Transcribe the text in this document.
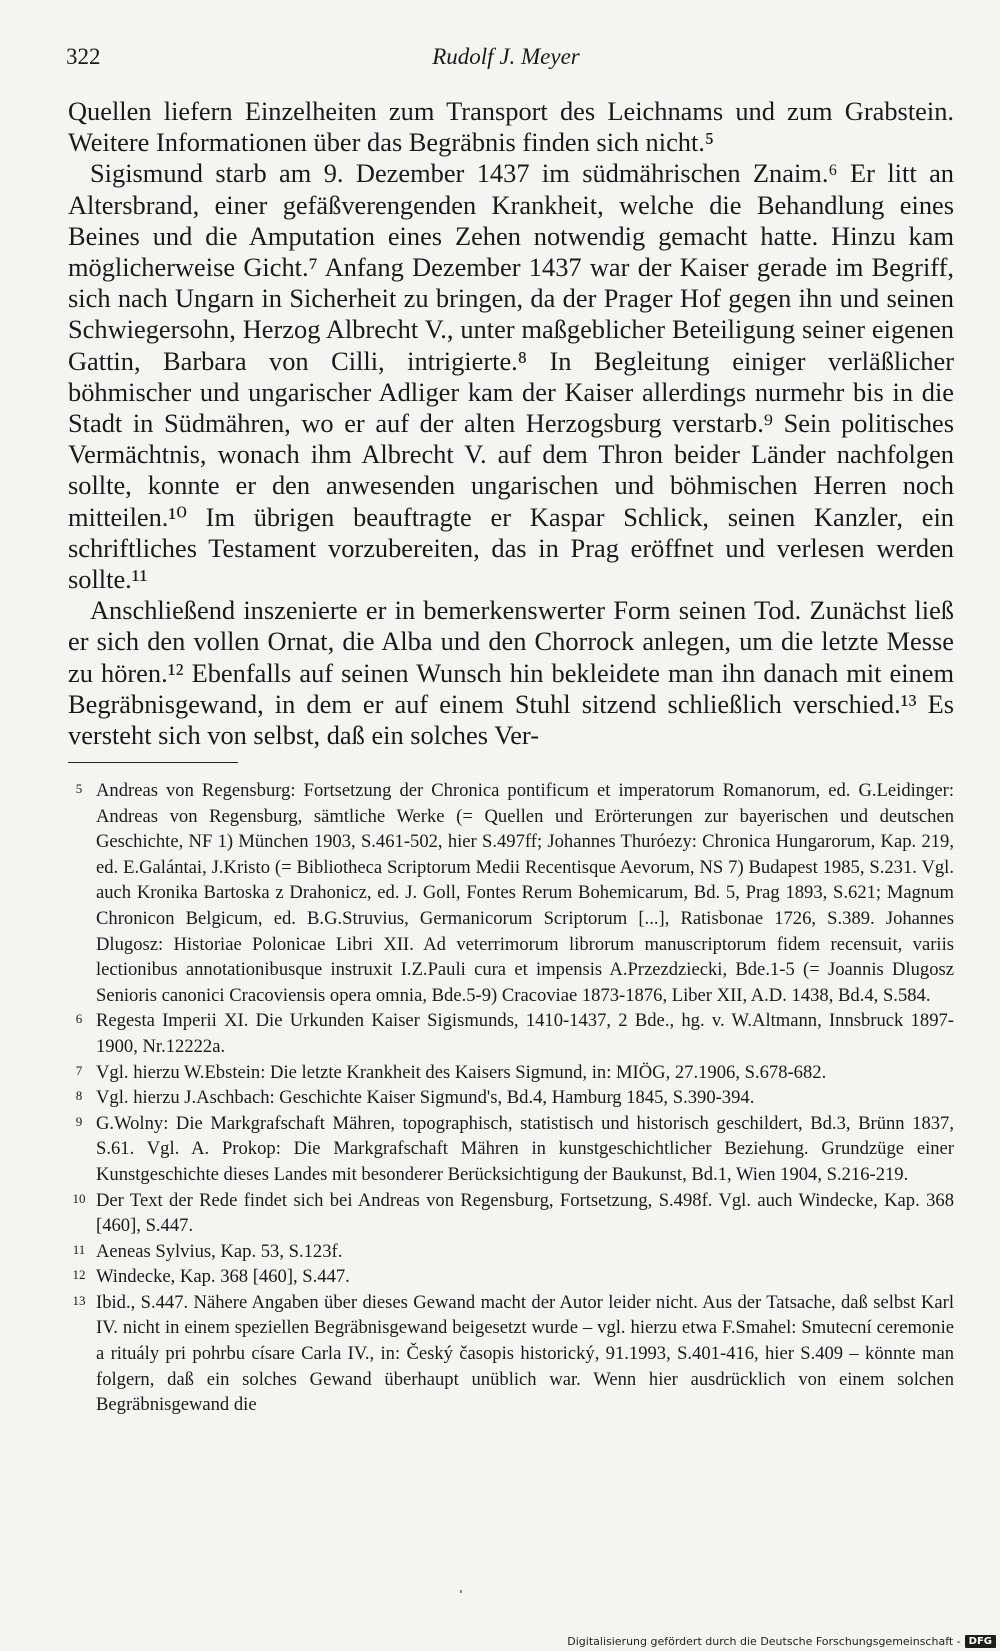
322	Rudolf J. Meyer

Quellen liefern Einzelheiten zum Transport des Leichnams und zum Grabstein. Weitere Informationen über das Begräbnis finden sich nicht.⁵

Sigismund starb am 9. Dezember 1437 im südmährischen Znaim.⁶ Er litt an Altersbrand, einer gefäßverengenden Krankheit, welche die Behandlung eines Beines und die Amputation eines Zehen notwendig gemacht hatte. Hinzu kam möglicherweise Gicht.⁷ Anfang Dezember 1437 war der Kaiser gerade im Begriff, sich nach Ungarn in Sicherheit zu bringen, da der Prager Hof gegen ihn und seinen Schwiegersohn, Herzog Albrecht V., unter maßgeblicher Beteiligung seiner eigenen Gattin, Barbara von Cilli, intrigierte.⁸ In Begleitung einiger verläßlicher böhmischer und ungarischer Adliger kam der Kaiser allerdings nurmehr bis in die Stadt in Südmähren, wo er auf der alten Herzogsburg verstarb.⁹ Sein politisches Vermächtnis, wonach ihm Albrecht V. auf dem Thron beider Länder nachfolgen sollte, konnte er den anwesenden ungarischen und böhmischen Herren noch mitteilen.¹⁰ Im übrigen beauftragte er Kaspar Schlick, seinen Kanzler, ein schriftliches Testament vorzubereiten, das in Prag eröffnet und verlesen werden sollte.¹¹

Anschließend inszenierte er in bemerkenswerter Form seinen Tod. Zunächst ließ er sich den vollen Ornat, die Alba und den Chorrock anlegen, um die letzte Messe zu hören.¹² Ebenfalls auf seinen Wunsch hin bekleidete man ihn danach mit einem Begräbnisgewand, in dem er auf einem Stuhl sitzend schließlich verschied.¹³ Es versteht sich von selbst, daß ein solches Ver-

5 Andreas von Regensburg: Fortsetzung der Chronica pontificum et imperatorum Romanorum, ed. G.Leidinger: Andreas von Regensburg, sämtliche Werke (= Quellen und Erörterungen zur bayerischen und deutschen Geschichte, NF 1) München 1903, S.461-502, hier S.497ff; Johannes Thuróezy: Chronica Hungarorum, Kap. 219, ed. E.Galántai, J.Kristo (= Bibliotheca Scriptorum Medii Recentisque Aevorum, NS 7) Budapest 1985, S.231. Vgl. auch Kronika Bartoska z Drahonicz, ed. J. Goll, Fontes Rerum Bohemicarum, Bd. 5, Prag 1893, S.621; Magnum Chronicon Belgicum, ed. B.G.Struvius, Germanicorum Scriptorum [...], Ratisbonae 1726, S.389. Johannes Dlugosz: Historiae Polonicae Libri XII. Ad veterrimorum librorum manuscriptorum fidem recensuit, variis lectionibus annotationibusque instruxit I.Z.Pauli cura et impensis A.Przezdziecki, Bde.1-5 (= Joannis Dlugosz Senioris canonici Cracoviensis opera omnia, Bde.5-9) Cracoviae 1873-1876, Liber XII, A.D. 1438, Bd.4, S.584.

6 Regesta Imperii XI. Die Urkunden Kaiser Sigismunds, 1410-1437, 2 Bde., hg. v. W.Altmann, Innsbruck 1897-1900, Nr.12222a.

7 Vgl. hierzu W.Ebstein: Die letzte Krankheit des Kaisers Sigmund, in: MIÖG, 27.1906, S.678-682.

8 Vgl. hierzu J.Aschbach: Geschichte Kaiser Sigmund's, Bd.4, Hamburg 1845, S.390-394.

9 G.Wolny: Die Markgrafschaft Mähren, topographisch, statistisch und historisch geschildert, Bd.3, Brünn 1837, S.61. Vgl. A. Prokop: Die Markgrafschaft Mähren in kunstgeschichtlicher Beziehung. Grundzüge einer Kunstgeschichte dieses Landes mit besonderer Berücksichtigung der Baukunst, Bd.1, Wien 1904, S.216-219.

10 Der Text der Rede findet sich bei Andreas von Regensburg, Fortsetzung, S.498f. Vgl. auch Windecke, Kap. 368 [460], S.447.

11 Aeneas Sylvius, Kap. 53, S.123f.

12 Windecke, Kap. 368 [460], S.447.

13 Ibid., S.447. Nähere Angaben über dieses Gewand macht der Autor leider nicht. Aus der Tatsache, daß selbst Karl IV. nicht in einem speziellen Begräbnisgewand beigesetzt wurde – vgl. hierzu etwa F.Smahel: Smutecní ceremonie a rituály pri pohrbu císare Carla IV., in: Český časopis historický, 91.1993, S.401-416, hier S.409 – könnte man folgern, daß ein solches Gewand überhaupt unüblich war. Wenn hier ausdrücklich von einem solchen Begräbnisgewand die

Digitalisierung gefördert durch die Deutsche Forschungsgemeinschaft - DFG
